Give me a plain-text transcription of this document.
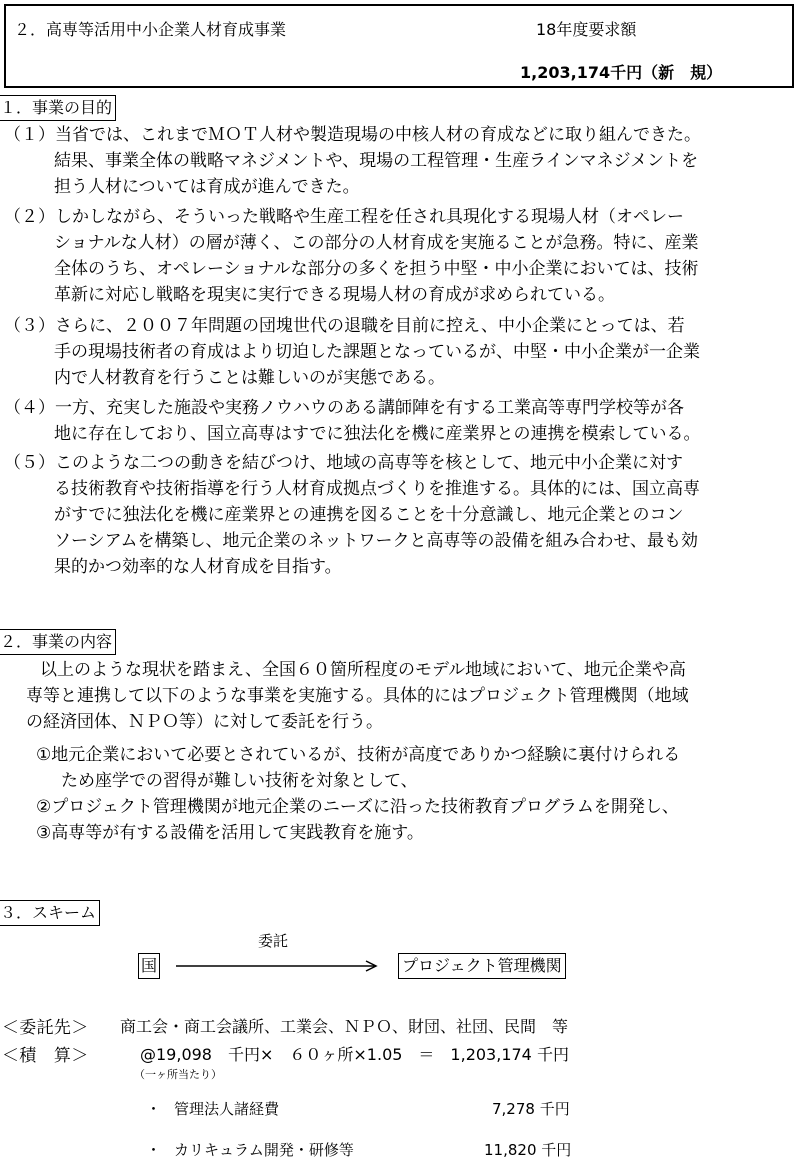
２．高専等活用中小企業人材育成事業	18年度要求額
1,203,174千円（新　規）
１．事業の目的
（１）当省では、これまでＭＯＴ人材や製造現場の中核人材の育成などに取り組んできた。
結果、事業全体の戦略マネジメントや、現場の工程管理・生産ラインマネジメントを
担う人材については育成が進んできた。
（２）しかしながら、そういった戦略や生産工程を任され具現化する現場人材（オペレー
ショナルな人材）の層が薄く、この部分の人材育成を実施ることが急務。特に、産業
全体のうち、オペレーショナルな部分の多くを担う中堅・中小企業においては、技術
革新に対応し戦略を現実に実行できる現場人材の育成が求められている。
（３）さらに、２００７年問題の団塊世代の退職を目前に控え、中小企業にとっては、若
手の現場技術者の育成はより切迫した課題となっているが、中堅・中小企業が一企業
内で人材教育を行うことは難しいのが実態である。
（４）一方、充実した施設や実務ノウハウのある講師陣を有する工業高等専門学校等が各
地に存在しており、国立高専はすでに独法化を機に産業界との連携を模索している。
（５）このような二つの動きを結びつけ、地域の高専等を核として、地元中小企業に対す
る技術教育や技術指導を行う人材育成拠点づくりを推進する。具体的には、国立高専
がすでに独法化を機に産業界との連携を図ることを十分意識し、地元企業とのコン
ソーシアムを構築し、地元企業のネットワークと高専等の設備を組み合わせ、最も効
果的かつ効率的な人材育成を目指す。
２．事業の内容
以上のような現状を踏まえ、全国６０箇所程度のモデル地域において、地元企業や高
専等と連携して以下のような事業を実施する。具体的にはプロジェクト管理機関（地域
の経済団体、ＮＰＯ等）に対して委託を行う。
①地元企業において必要とされているが、技術が高度でありかつ経験に裏付けられる
ため座学での習得が難しい技術を対象として、
②プロジェクト管理機関が地元企業のニーズに沿った技術教育プログラムを開発し、
③高専等が有する設備を活用して実践教育を施す。
３．スキーム
委託
国	プロジェクト管理機関
＜委託先＞ 商工会・商工会議所、工業会、ＮＰＯ、財団、社団、民間　等
＜積　算＞	@19,098　千円×　６０ヶ所×1.05　＝　1,203,174 千円
（一ヶ所当たり）
・ 管理法人諸経費	7,278 千円
・ カリキュラム開発・研修等	11,820 千円
